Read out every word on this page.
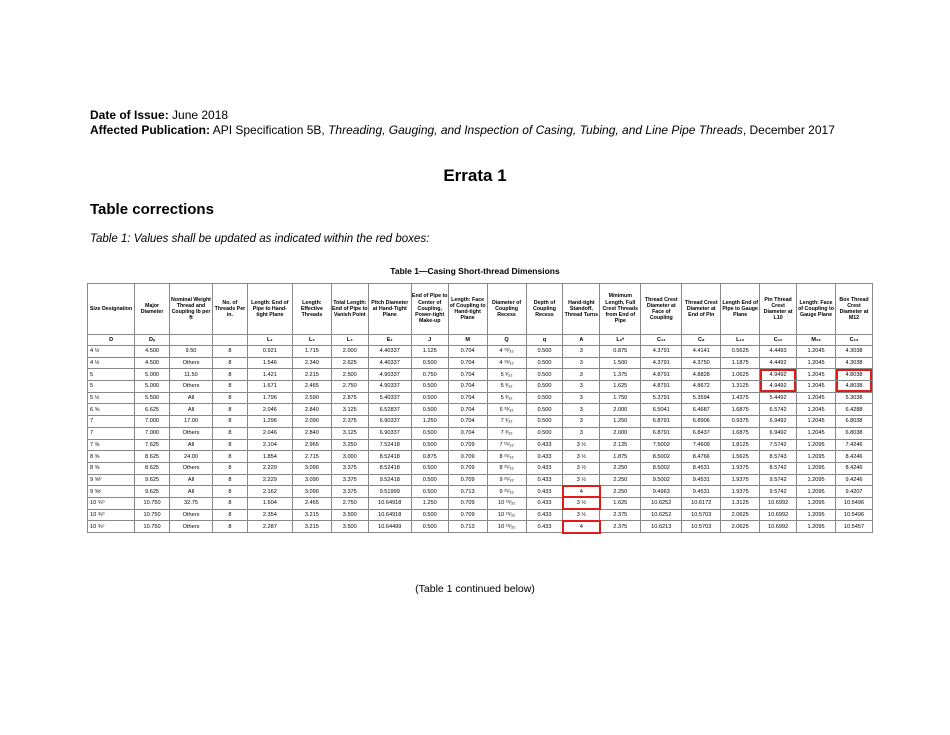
Date of Issue: June 2018
Affected Publication: API Specification 5B, Threading, Gauging, and Inspection of Casing, Tubing, and Line Pipe Threads, December 2017
Errata 1
Table corrections
Table 1: Values shall be updated as indicated within the red boxes:
Table 1—Casing Short-thread Dimensions
Size Designation	Major Diameter	Nominal Weight Thread and Coupling lb per ft	No. of Threads Per in.	Length: End of Pipe to Hand-tight Plane	Length: Effective Threads	Total Length: End of Pipe to Vanish Point	Pitch Diameter at Hand-Tight Plane	End of Pipe to Center of Coupling, Power-tight Make-up	Length: Face of Coupling to Hand-tight Plane	Diameter of Coupling Recess	Depth of Coupling Recess	Hand-tight Standoff, Thread Turns	Minimum Length, Full Crest Threads from End of Pipe	Thread Crest Diameter at Face of Coupling	Thread Crest Diameter at End of Pin	Length End of Pipe to Gauge Plane	Pin Thread Crest Diameter at L10	Length: Face of Coupling to Gauge Plane	Box Thread Crest Diameter at M12
D	Dₒ			L₁	L₂	L₄	E₁	J	M	Q	q	A	L₆ᵃ	C₁₁	C₈	L₁₀	C₁₀	M₁₂	C₁₂
4 ½	4.500	9.50	8	0.921	1.715	2.000	4.40337	1.125	0.704	4 ¹⁹⁄₃₂	0.500	3	0.875	4.3791	4.4141	0.5625	4.4493	1.2045	4.3038
4 ½	4.500	Others	8	1.546	2.340	2.625	4.40337	0.500	0.704	4 ¹⁹⁄₃₂	0.500	3	1.500	4.3791	4.3750	1.1875	4.4492	1.2045	4.3038
5	5.000	11.50	8	1.421	2.215	2.500	4.90337	0.750	0.704	5 ³⁄₃₂	0.500	3	1.375	4.8791	4.8828	1.0625	4.9492	1.2045	4.8038
5	5.000	Others	8	1.671	2.465	2.750	4.90337	0.500	0.704	5 ³⁄₃₂	0.500	3	1.625	4.8791	4.8672	1.3125	4.9492	1.2045	4.8038
5 ½	5.500	All	8	1.796	2.590	2.875	5.40337	0.500	0.704	5 ³⁄₃₂	0.500	3	1.750	5.3791	5.3594	1.4375	5.4492	1.2045	5.3038
6 ⅝	6.625	All	8	2.046	2.840	3.125	6.52837	0.500	0.704	6 ²³⁄₃₂	0.500	3	2.000	6.5041	6.4687	1.6875	6.5742	1.2045	6.4288
7	7.000	17.00	8	1.296	2.090	2.375	6.90337	1.250	0.704	7 ³⁄₃₂	0.500	3	1.250	6.8791	6.8906	0.9375	6.9492	1.2045	6.8038
7	7.000	Others	8	2.046	2.840	3.125	6.90337	0.500	0.704	7 ³⁄₃₂	0.500	3	2.000	6.8791	6.8437	1.6875	6.9492	1.2045	6.8038
7 ⅝	7.625	All	8	2.104	2.965	3.250	7.52418	0.500	0.709	7 ²⁵⁄₃₂	0.433	3 ½	2.125	7.5002	7.4609	1.8125	7.5742	1.2095	7.4246
8 ⅝	8.625	24.00	8	1.854	2.715	3.000	8.52418	0.875	0.709	8 ²⁵⁄₃₂	0.433	3 ½	1.875	8.5002	8.4766	1.5625	8.5743	1.2095	8.4246
8 ⅝	8.625	Others	8	2.229	3.090	3.375	8.52418	0.500	0.709	8 ²⁵⁄₃₂	0.433	3 ½	2.250	8.5002	8.4531	1.9375	8.5742	1.2095	8.4246
9 ⅝ᵇ	9.625	All	8	2.229	3.090	3.375	9.52418	0.500	0.709	9 ²⁵⁄₃₂	0.433	3 ½	2.250	9.5002	9.4531	1.9375	9.5742	1.2095	9.4246
9 ⅝ᶜ	9.625	All	8	2.162	3.090	3.375	9.51999	0.500	0.713	9 ²⁵⁄₃₂	0.433	4	2.250	9.4963	9.4531	1.9375	9.5742	1.2095	9.4207
10 ¾ᵇ	10.750	32.75	8	1.604	2.465	2.750	10.64918	1.250	0.709	10 ²⁹⁄₃₂	0.433	3 ½	1.625	10.6252	10.6172	1.3125	10.6992	1.2095	10.5496
10 ¾ᵇ	10.750	Others	8	2.354	3.215	3.500	10.64918	0.500	0.709	10 ²⁹⁄₃₂	0.433	3 ½	2.375	10.6252	10.5703	2.0625	10.6992	1.2095	10.5496
10 ¾ᶜ	10.750	Others	8	2.287	3.215	3.500	10.64499	0.500	0.713	10 ²⁹⁄₃₂	0.433	4	2.375	10.6213	10.5703	2.0625	10.6992	1.2095	10.5457
(Table 1 continued below)
